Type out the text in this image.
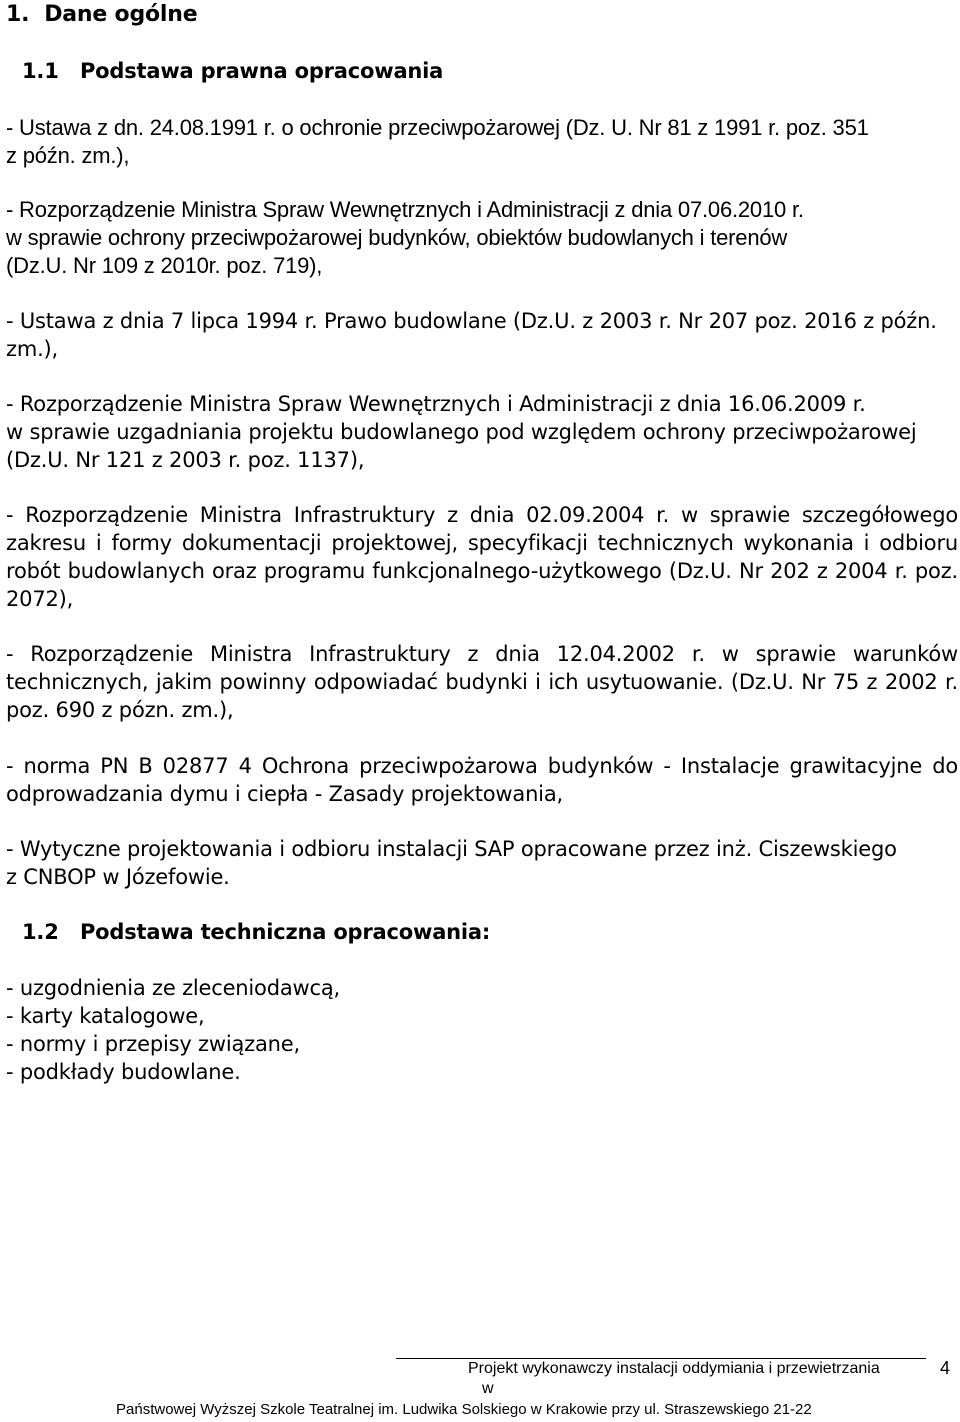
1. Dane ogólne
1.1 Podstawa prawna opracowania
- Ustawa z dn. 24.08.1991 r. o ochronie przeciwpożarowej (Dz. U. Nr 81 z 1991 r. poz. 351
z późn. zm.),
- Rozporządzenie Ministra Spraw Wewnętrznych i Administracji z dnia 07.06.2010 r.
w sprawie ochrony przeciwpożarowej budynków, obiektów budowlanych i terenów
(Dz.U. Nr 109 z 2010r. poz. 719),
- Ustawa z dnia 7 lipca 1994 r. Prawo budowlane (Dz.U. z 2003 r. Nr 207 poz. 2016 z późn.
zm.),
- Rozporządzenie Ministra Spraw Wewnętrznych i Administracji z dnia 16.06.2009 r.
w sprawie uzgadniania projektu budowlanego pod względem ochrony przeciwpożarowej
(Dz.U. Nr 121 z 2003 r. poz. 1137),
- Rozporządzenie Ministra Infrastruktury z dnia 02.09.2004 r. w sprawie szczegółowego
zakresu i formy dokumentacji projektowej, specyfikacji technicznych wykonania i odbioru
robót budowlanych oraz programu funkcjonalnego-użytkowego (Dz.U. Nr 202 z 2004 r. poz.
2072),
- Rozporządzenie Ministra Infrastruktury z dnia 12.04.2002 r. w sprawie warunków
technicznych, jakim powinny odpowiadać budynki i ich usytuowanie. (Dz.U. Nr 75 z 2002 r.
poz. 690 z pózn. zm.),
- norma PN B 02877 4 Ochrona przeciwpożarowa budynków - Instalacje grawitacyjne do
odprowadzania dymu i ciepła - Zasady projektowania,
- Wytyczne projektowania i odbioru instalacji SAP opracowane przez inż. Ciszewskiego
z CNBOP w Józefowie.
1.2 Podstawa techniczna opracowania:
- uzgodnienia ze zleceniodawcą,
- karty katalogowe,
- normy i przepisy związane,
- podkłady budowlane.
Projekt wykonawczy instalacji oddymiania i przewietrzania	4
w
Państwowej Wyższej Szkole Teatralnej im. Ludwika Solskiego w Krakowie przy ul. Straszewskiego 21-22
